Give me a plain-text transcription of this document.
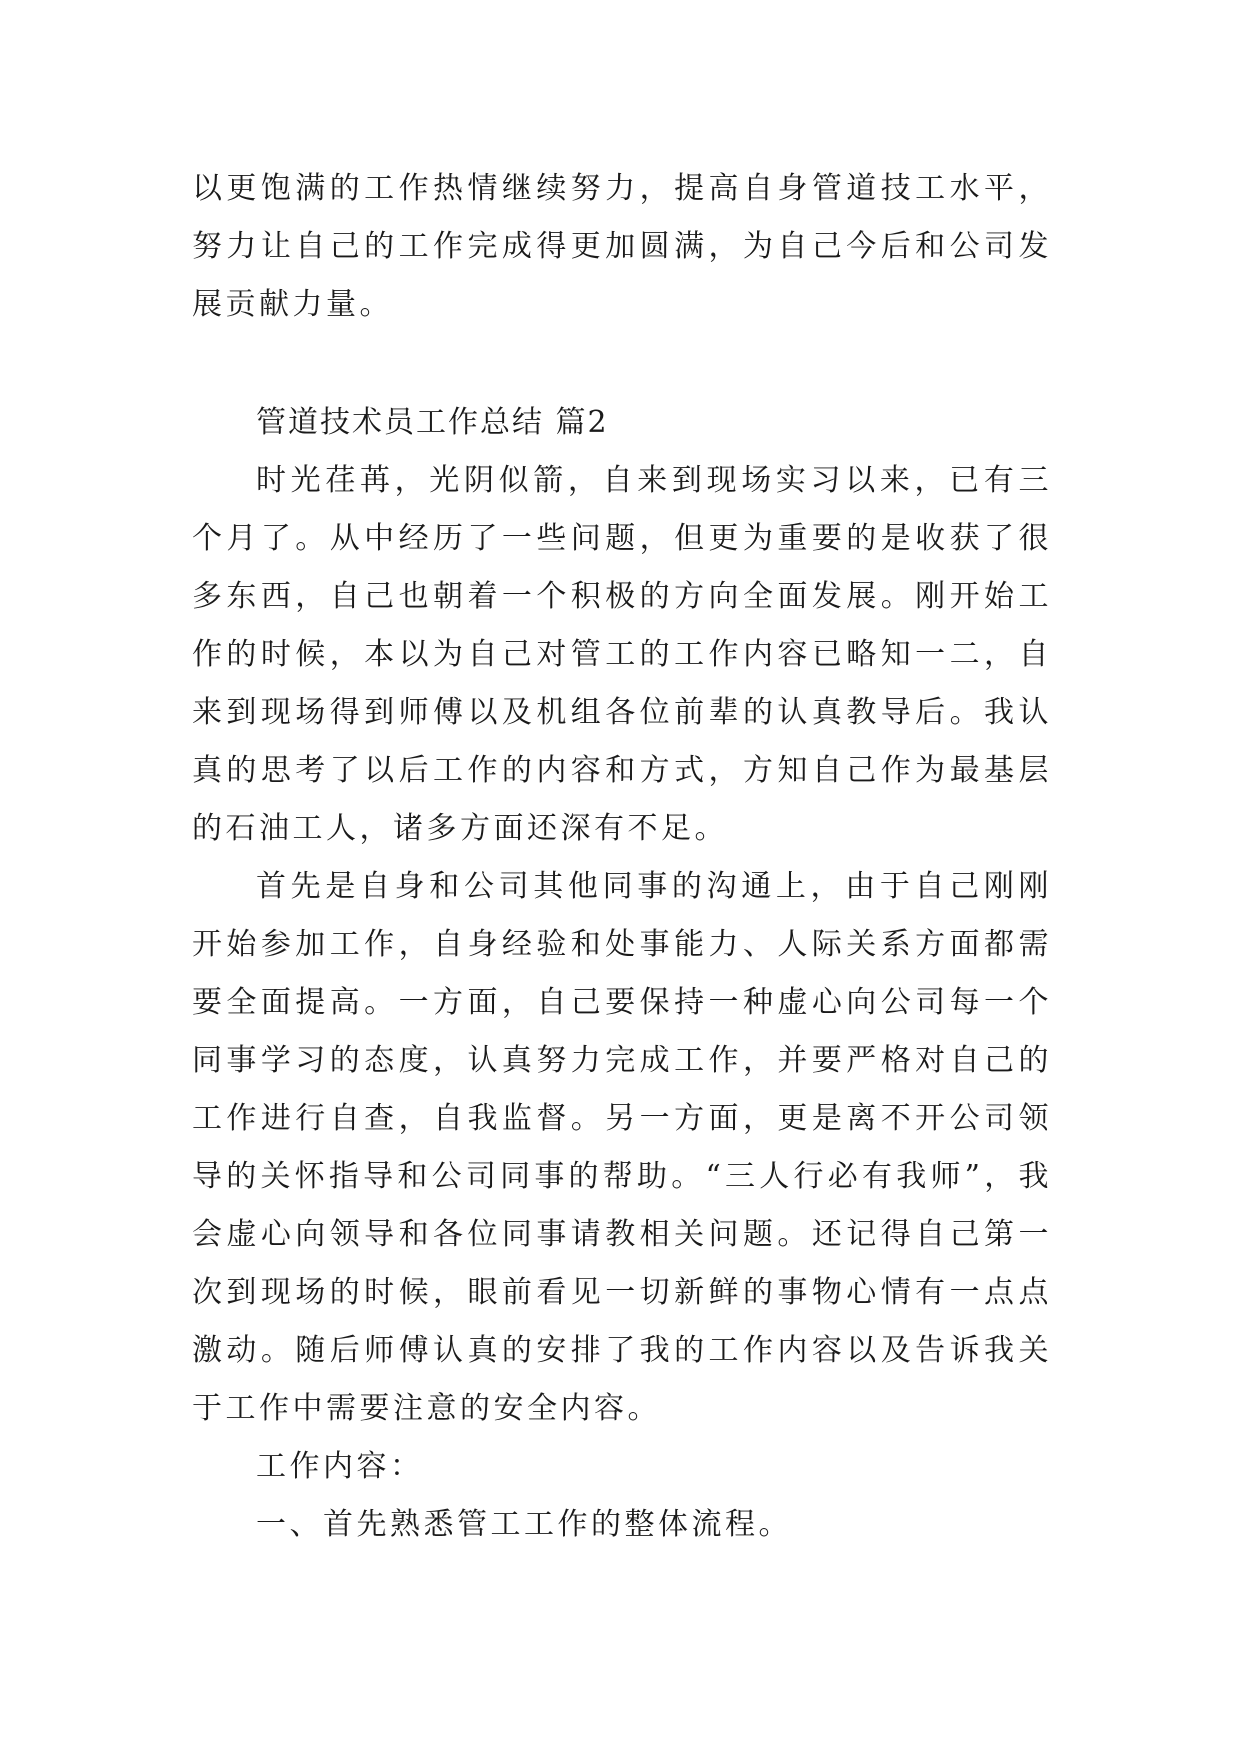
以更饱满的工作热情继续努力，提高自身管道技工水平，努力让自己的工作完成得更加圆满，为自己今后和公司发展贡献力量。

管道技术员工作总结 篇2

时光荏苒，光阴似箭，自来到现场实习以来，已有三个月了。从中经历了一些问题，但更为重要的是收获了很多东西，自己也朝着一个积极的方向全面发展。刚开始工作的时候，本以为自己对管工的工作内容已略知一二，自来到现场得到师傅以及机组各位前辈的认真教导后。我认真的思考了以后工作的内容和方式，方知自己作为最基层的石油工人，诸多方面还深有不足。

首先是自身和公司其他同事的沟通上，由于自己刚刚开始参加工作，自身经验和处事能力、人际关系方面都需要全面提高。一方面，自己要保持一种虚心向公司每一个同事学习的态度，认真努力完成工作，并要严格对自己的工作进行自查，自我监督。另一方面，更是离不开公司领导的关怀指导和公司同事的帮助。“三人行必有我师”，我会虚心向领导和各位同事请教相关问题。还记得自己第一次到现场的时候，眼前看见一切新鲜的事物心情有一点点激动。随后师傅认真的安排了我的工作内容以及告诉我关于工作中需要注意的安全内容。

工作内容：

一、首先熟悉管工工作的整体流程。
